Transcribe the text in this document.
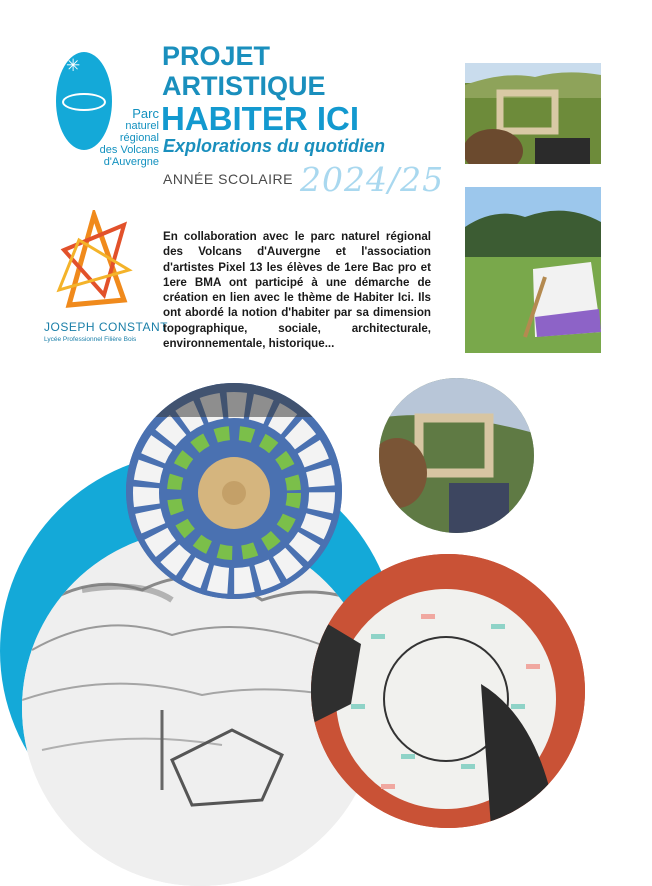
✳
Parc
naturel
régional
des Volcans
d'Auvergne
PROJET
ARTISTIQUE
HABITER ICI
Explorations du quotidien
ANNÉE SCOLAIRE 2024/25
JOSEPH CONSTANT
Lycée Professionnel Filière Bois
En collaboration avec le parc naturel régional des Volcans d'Auvergne et l'association d'artistes Pixel 13 les élèves de 1ere Bac pro et 1ere BMA ont participé à une démarche de création en lien avec le thème de Habiter Ici. Ils ont abordé la notion d'habiter par sa dimension topographique, sociale, architecturale, environnementale, historique...
